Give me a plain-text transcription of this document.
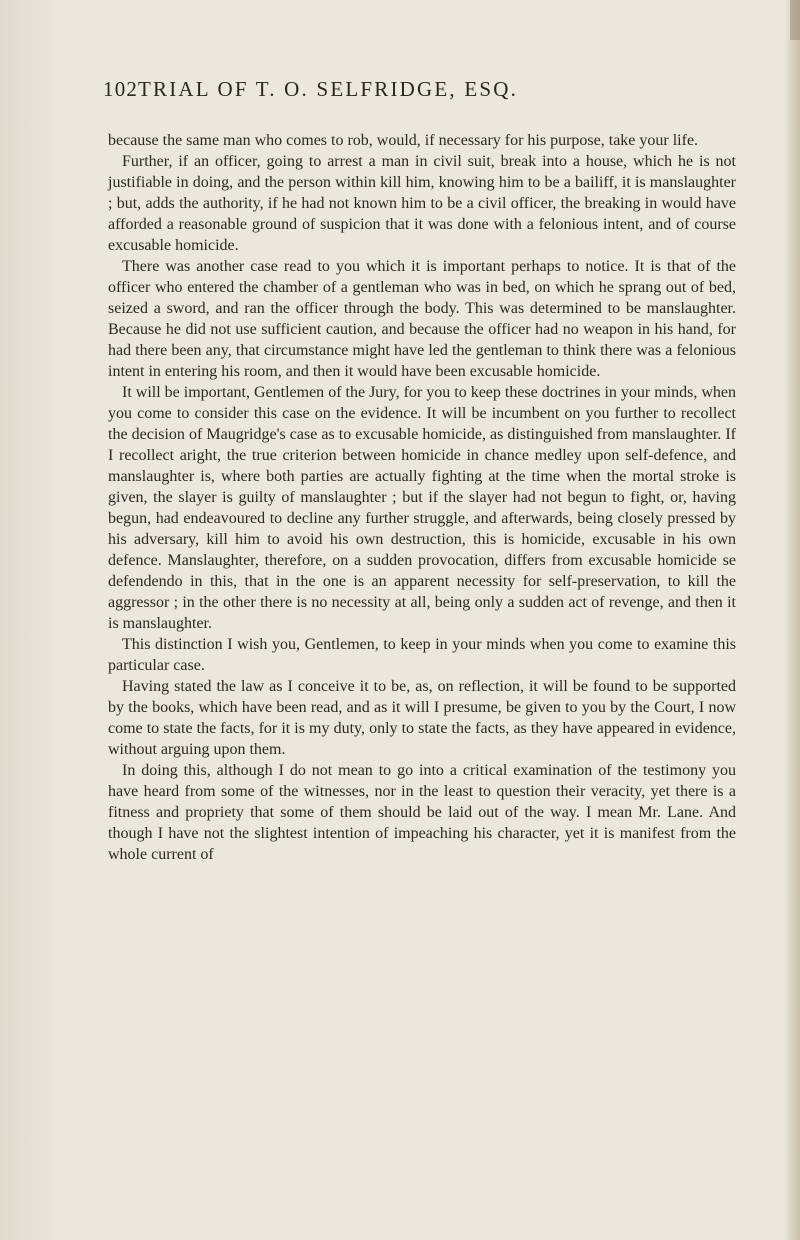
102 TRIAL OF T. O. SELFRIDGE, ESQ.

because the same man who comes to rob, would, if necessary for his purpose, take your life.

Further, if an officer, going to arrest a man in civil suit, break into a house, which he is not justifiable in doing, and the person within kill him, knowing him to be a bailiff, it is manslaughter ; but, adds the authority, if he had not known him to be a civil officer, the breaking in would have afforded a reasonable ground of suspicion that it was done with a felonious intent, and of course excusable homicide.

There was another case read to you which it is important perhaps to notice. It is that of the officer who entered the chamber of a gentleman who was in bed, on which he sprang out of bed, seized a sword, and ran the officer through the body. This was determined to be manslaughter. Because he did not use sufficient caution, and because the officer had no weapon in his hand, for had there been any, that circumstance might have led the gentleman to think there was a felonious intent in entering his room, and then it would have been excusable homicide.

It will be important, Gentlemen of the Jury, for you to keep these doctrines in your minds, when you come to consider this case on the evidence. It will be incumbent on you further to recollect the decision of Maugridge's case as to excusable homicide, as distinguished from manslaughter. If I recollect aright, the true criterion between homicide in chance medley upon self-defence, and manslaughter is, where both parties are actually fighting at the time when the mortal stroke is given, the slayer is guilty of manslaughter ; but if the slayer had not begun to fight, or, having begun, had endeavoured to decline any further struggle, and afterwards, being closely pressed by his adversary, kill him to avoid his own destruction, this is homicide, excusable in his own defence. Manslaughter, therefore, on a sudden provocation, differs from excusable homicide se defendendo in this, that in the one is an apparent necessity for self-preservation, to kill the aggressor ; in the other there is no necessity at all, being only a sudden act of revenge, and then it is manslaughter.

This distinction I wish you, Gentlemen, to keep in your minds when you come to examine this particular case.

Having stated the law as I conceive it to be, as, on reflection, it will be found to be supported by the books, which have been read, and as it will I presume, be given to you by the Court, I now come to state the facts, for it is my duty, only to state the facts, as they have appeared in evidence, without arguing upon them.

In doing this, although I do not mean to go into a critical examination of the testimony you have heard from some of the witnesses, nor in the least to question their veracity, yet there is a fitness and propriety that some of them should be laid out of the way. I mean Mr. Lane. And though I have not the slightest intention of impeaching his character, yet it is manifest from the whole current of
